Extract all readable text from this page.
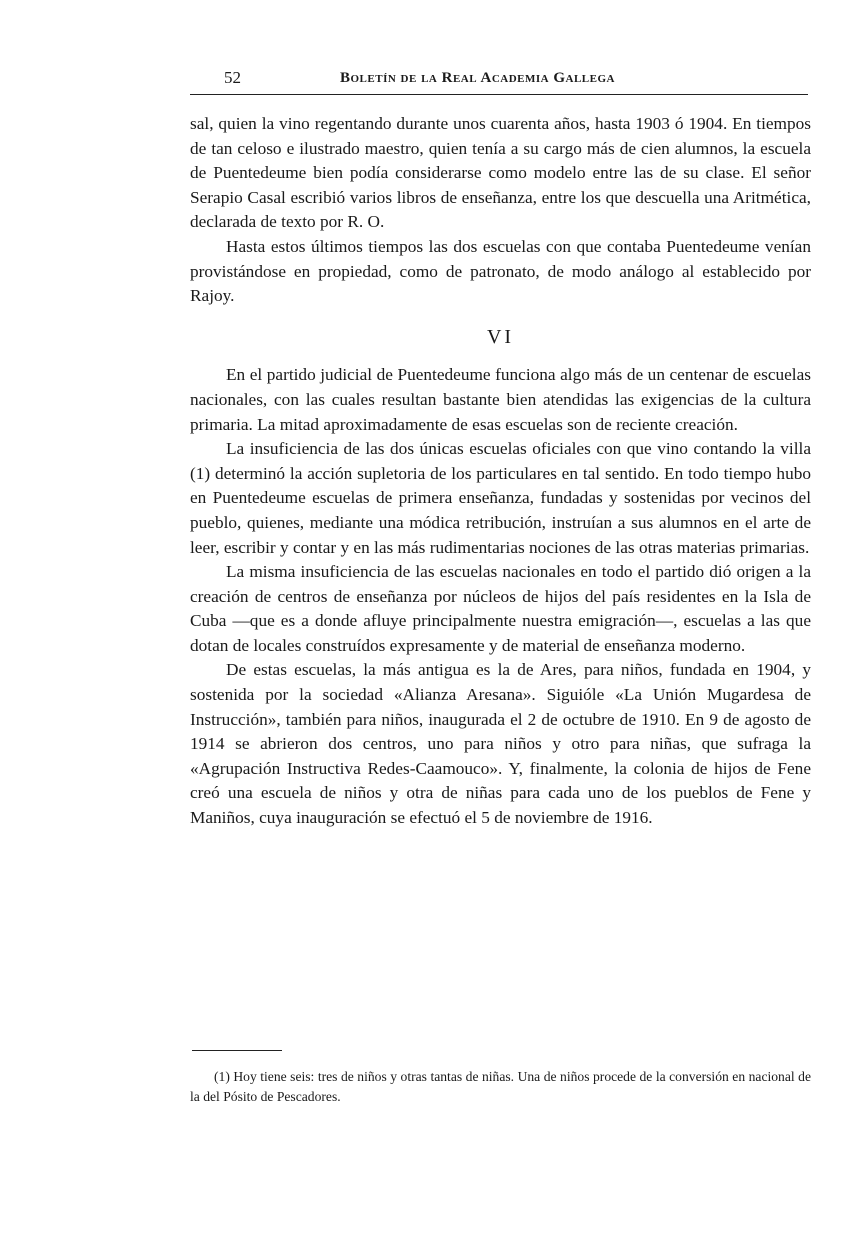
52	Boletín de la Real Academia Gallega

sal, quien la vino regentando durante unos cuarenta años, hasta 1903 ó 1904. En tiempos de tan celoso e ilustrado maestro, quien tenía a su cargo más de cien alumnos, la escuela de Puentedeume bien podía considerarse como modelo entre las de su clase. El señor Serapio Casal escribió varios libros de enseñanza, entre los que descuella una Aritmética, declarada de texto por R. O.

Hasta estos últimos tiempos las dos escuelas con que contaba Puentedeume venían provistándose en propiedad, como de patronato, de modo análogo al establecido por Rajoy.

VI

En el partido judicial de Puentedeume funciona algo más de un centenar de escuelas nacionales, con las cuales resultan bastante bien atendidas las exigencias de la cultura primaria. La mitad aproximadamente de esas escuelas son de reciente creación.

La insuficiencia de las dos únicas escuelas oficiales con que vino contando la villa (1) determinó la acción supletoria de los particulares en tal sentido. En todo tiempo hubo en Puentedeume escuelas de primera enseñanza, fundadas y sostenidas por vecinos del pueblo, quienes, mediante una módica retribución, instruían a sus alumnos en el arte de leer, escribir y contar y en las más rudimentarias nociones de las otras materias primarias.

La misma insuficiencia de las escuelas nacionales en todo el partido dió origen a la creación de centros de enseñanza por núcleos de hijos del país residentes en la Isla de Cuba —que es a donde afluye principalmente nuestra emigración—, escuelas a las que dotan de locales construídos expresamente y de material de enseñanza moderno.

De estas escuelas, la más antigua es la de Ares, para niños, fundada en 1904, y sostenida por la sociedad «Alianza Aresana». Siguióle «La Unión Mugardesa de Instrucción», también para niños, inaugurada el 2 de octubre de 1910. En 9 de agosto de 1914 se abrieron dos centros, uno para niños y otro para niñas, que sufraga la «Agrupación Instructiva Redes-Caamouco». Y, finalmente, la colonia de hijos de Fene creó una escuela de niños y otra de niñas para cada uno de los pueblos de Fene y Maniños, cuya inauguración se efectuó el 5 de noviembre de 1916.

(1) Hoy tiene seis: tres de niños y otras tantas de niñas. Una de niños procede de la conversión en nacional de la del Pósito de Pescadores.
